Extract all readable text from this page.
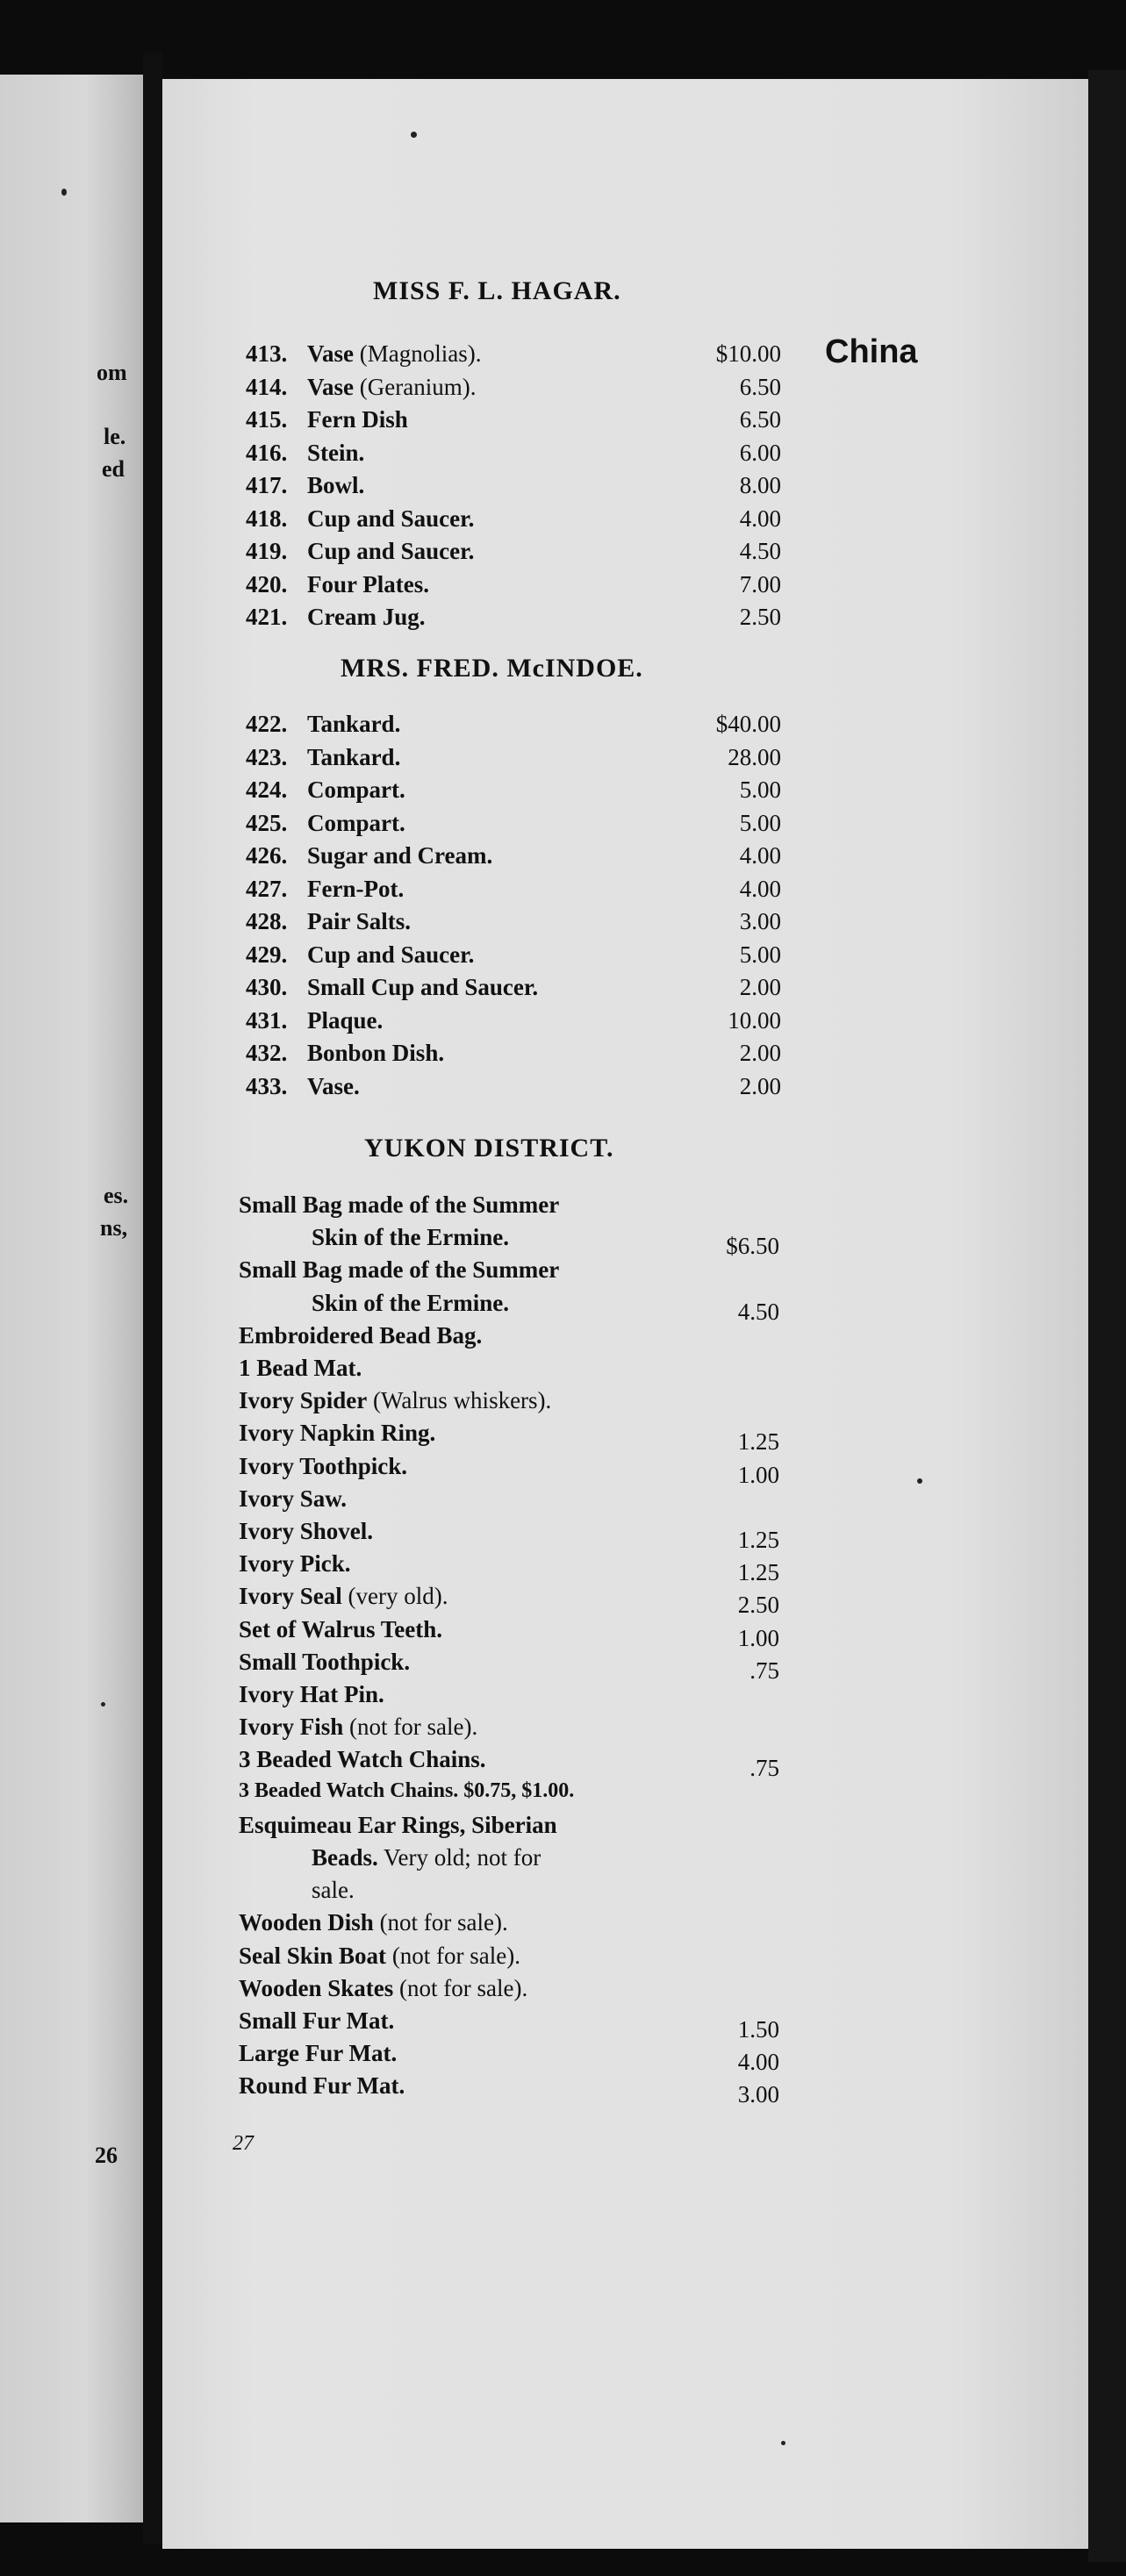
om
le.
ed
es.
ns,
26
China
MISS F. L. HAGAR.
413. Vase (Magnolias).	$10.00
414. Vase (Geranium).	6.50
415. Fern Dish	6.50
416. Stein.	6.00
417. Bowl.	8.00
418. Cup and Saucer.	4.00
419. Cup and Saucer.	4.50
420. Four Plates.	7.00
421. Cream Jug.	2.50
MRS. FRED. McINDOE.
422. Tankard.	$40.00
423. Tankard.	28.00
424. Compart.	5.00
425. Compart.	5.00
426. Sugar and Cream.	4.00
427. Fern-Pot.	4.00
428. Pair Salts.	3.00
429. Cup and Saucer.	5.00
430. Small Cup and Saucer.	2.00
431. Plaque.	10.00
432. Bonbon Dish.	2.00
433. Vase.	2.00
YUKON DISTRICT.
Small Bag made of the Summer
Skin of the Ermine.	$6.50
Small Bag made of the Summer
Skin of the Ermine.	4.50
Embroidered Bead Bag.
1 Bead Mat.
Ivory Spider (Walrus whiskers).
Ivory Napkin Ring.	1.25
Ivory Toothpick.	1.00
Ivory Saw.
Ivory Shovel.	1.25
Ivory Pick.	1.25
Ivory Seal (very old).	2.50
Set of Walrus Teeth.	1.00
Small Toothpick.	.75
Ivory Hat Pin.
Ivory Fish (not for sale).
3 Beaded Watch Chains.	.75
3 Beaded Watch Chains. $0.75, $1.00.
Esquimeau Ear Rings, Siberian
Beads. Very old; not for
sale.
Wooden Dish (not for sale).
Seal Skin Boat (not for sale).
Wooden Skates (not for sale).
Small Fur Mat.	1.50
Large Fur Mat.	4.00
Round Fur Mat.	3.00
27
